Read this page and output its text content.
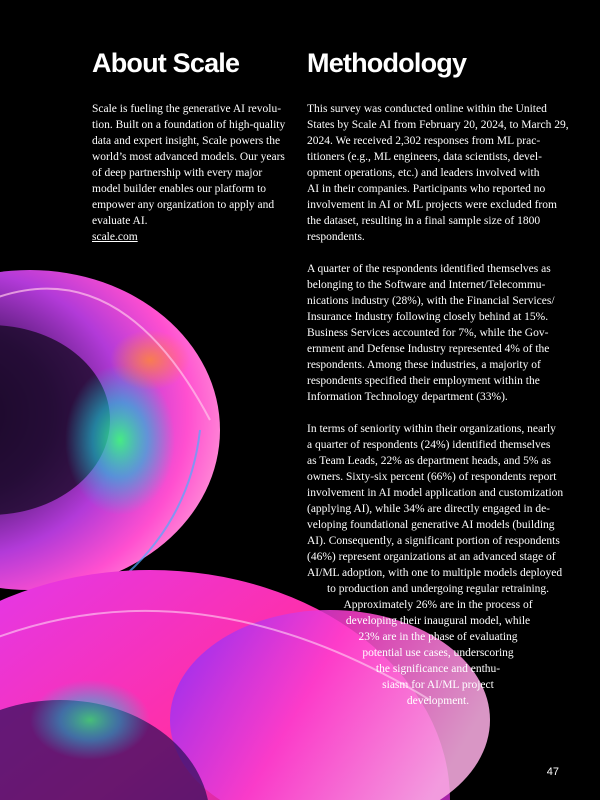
About Scale	Methodology

Scale is fueling the generative AI revolu-
tion. Built on a foundation of high-quality
data and expert insight, Scale powers the
world’s most advanced models. Our years
of deep partnership with every major
model builder enables our platform to
empower any organization to apply and
evaluate AI.

scale.com

This survey was conducted online within the United
States by Scale AI from February 20, 2024, to March 29,
2024. We received 2,302 responses from ML prac-
titioners (e.g., ML engineers, data scientists, devel-
opment operations, etc.) and leaders involved with
AI in their companies. Participants who reported no
involvement in AI or ML projects were excluded from
the dataset, resulting in a final sample size of 1800
respondents.

A quarter of the respondents identified themselves as
belonging to the Software and Internet/Telecommu-
nications industry (28%), with the Financial Services/
Insurance Industry following closely behind at 15%.
Business Services accounted for 7%, while the Gov-
ernment and Defense Industry represented 4% of the
respondents. Among these industries, a majority of
respondents specified their employment within the
Information Technology department (33%).

In terms of seniority within their organizations, nearly
a quarter of respondents (24%) identified themselves
as Team Leads, 22% as department heads, and 5% as
owners. Sixty-six percent (66%) of respondents report
involvement in AI model application and customization
(applying AI), while 34% are directly engaged in de-
veloping foundational generative AI models (building
AI). Consequently, a significant portion of respondents
(46%) represent organizations at an advanced stage of
AI/ML adoption, with one to multiple models deployed

to production and undergoing regular retraining.

Approximately 26% are in the process of

developing their inaugural model, while

23% are in the phase of evaluating

potential use cases, underscoring

the significance and enthu-

siasm for AI/ML project

development.

47
